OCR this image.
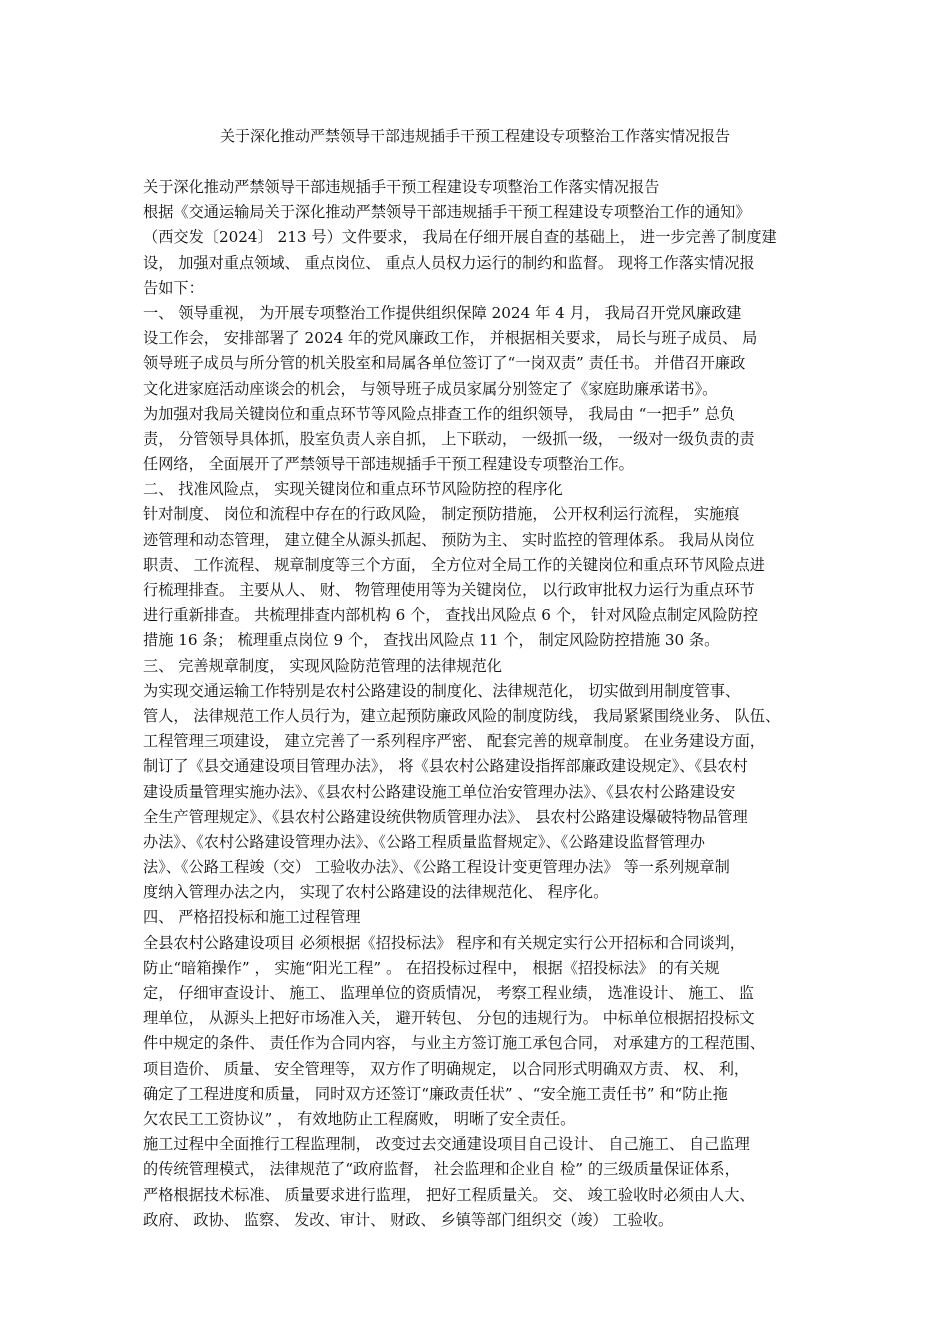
关于深化推动严禁领导干部违规插手干预工程建设专项整治工作落实情况报告
关于深化推动严禁领导干部违规插手干预工程建设专项整治工作落实情况报告
根据《交通运输局关于深化推动严禁领导干部违规插手干预工程建设专项整治工作的通知》
（西交发〔2024〕 213 号）文件要求， 我局在仔细开展自查的基础上， 进一步完善了制度建
设， 加强对重点领域、 重点岗位、 重点人员权力运行的制约和监督。 现将工作落实情况报
告如下：
一、 领导重视， 为开展专项整治工作提供组织保障 2024 年 4 月， 我局召开党风廉政建
设工作会， 安排部署了 2024 年的党风廉政工作， 并根据相关要求， 局长与班子成员、 局
领导班子成员与所分管的机关股室和局属各单位签订了“一岗双责” 责任书。 并借召开廉政
文化进家庭活动座谈会的机会， 与领导班子成员家属分别签定了《家庭助廉承诺书》。
为加强对我局关键岗位和重点环节等风险点排查工作的组织领导， 我局由 “一把手” 总负
责， 分管领导具体抓，股室负责人亲自抓， 上下联动， 一级抓一级， 一级对一级负责的责
任网络， 全面展开了严禁领导干部违规插手干预工程建设专项整治工作。
二、 找准风险点， 实现关键岗位和重点环节风险防控的程序化
针对制度、 岗位和流程中存在的行政风险， 制定预防措施， 公开权利运行流程， 实施痕
迹管理和动态管理， 建立健全从源头抓起、 预防为主、 实时监控的管理体系。 我局从岗位
职责、 工作流程、 规章制度等三个方面， 全方位对全局工作的关键岗位和重点环节风险点进
行梳理排查。 主要从人、 财、 物管理使用等为关键岗位， 以行政审批权力运行为重点环节
进行重新排查。 共梳理排查内部机构 6 个， 查找出风险点 6 个， 针对风险点制定风险防控
措施 16 条； 梳理重点岗位 9 个， 查找出风险点 11 个， 制定风险防控措施 30 条。
三、 完善规章制度， 实现风险防范管理的法律规范化
为实现交通运输工作特别是农村公路建设的制度化、法律规范化， 切实做到用制度管事、
管人， 法律规范工作人员行为，建立起预防廉政风险的制度防线， 我局紧紧围绕业务、 队伍、
工程管理三项建设， 建立完善了一系列程序严密、 配套完善的规章制度。 在业务建设方面，
制订了《县交通建设项目管理办法》， 将《县农村公路建设指挥部廉政建设规定》、《县农村
建设质量管理实施办法》、《县农村公路建设施工单位治安管理办法》、《县农村公路建设安
全生产管理规定》、《县农村公路建设统供物质管理办法》、 县农村公路建设爆破特物品管理
办法》、《农村公路建设管理办法》、《公路工程质量监督规定》、《公路建设监督管理办
法》、《公路工程竣（交） 工验收办法》、《公路工程设计变更管理办法》 等一系列规章制
度纳入管理办法之内， 实现了农村公路建设的法律规范化、 程序化。
四、 严格招投标和施工过程管理
全县农村公路建设项目 必须根据《招投标法》 程序和有关规定实行公开招标和合同谈判，
防止“暗箱操作” ， 实施“阳光工程” 。 在招投标过程中， 根据《招投标法》 的有关规
定， 仔细审查设计、 施工、 监理单位的资质情况， 考察工程业绩， 选准设计、 施工、 监
理单位， 从源头上把好市场准入关， 避开转包、 分包的违规行为。 中标单位根据招投标文
件中规定的条件、 责任作为合同内容， 与业主方签订施工承包合同， 对承建方的工程范围、
项目造价、 质量、 安全管理等， 双方作了明确规定， 以合同形式明确双方责、 权、 利，
确定了工程进度和质量， 同时双方还签订“廉政责任状” 、“安全施工责任书” 和“防止拖
欠农民工工资协议” ， 有效地防止工程腐败， 明晰了安全责任。
施工过程中全面推行工程监理制， 改变过去交通建设项目自己设计、 自己施工、 自己监理
的传统管理模式， 法律规范了“政府监督， 社会监理和企业自 检” 的三级质量保证体系，
严格根据技术标准、 质量要求进行监理， 把好工程质量关。 交、 竣工验收时必须由人大、
政府、 政协、 监察、 发改、审计、 财政、 乡镇等部门组织交（竣） 工验收。
